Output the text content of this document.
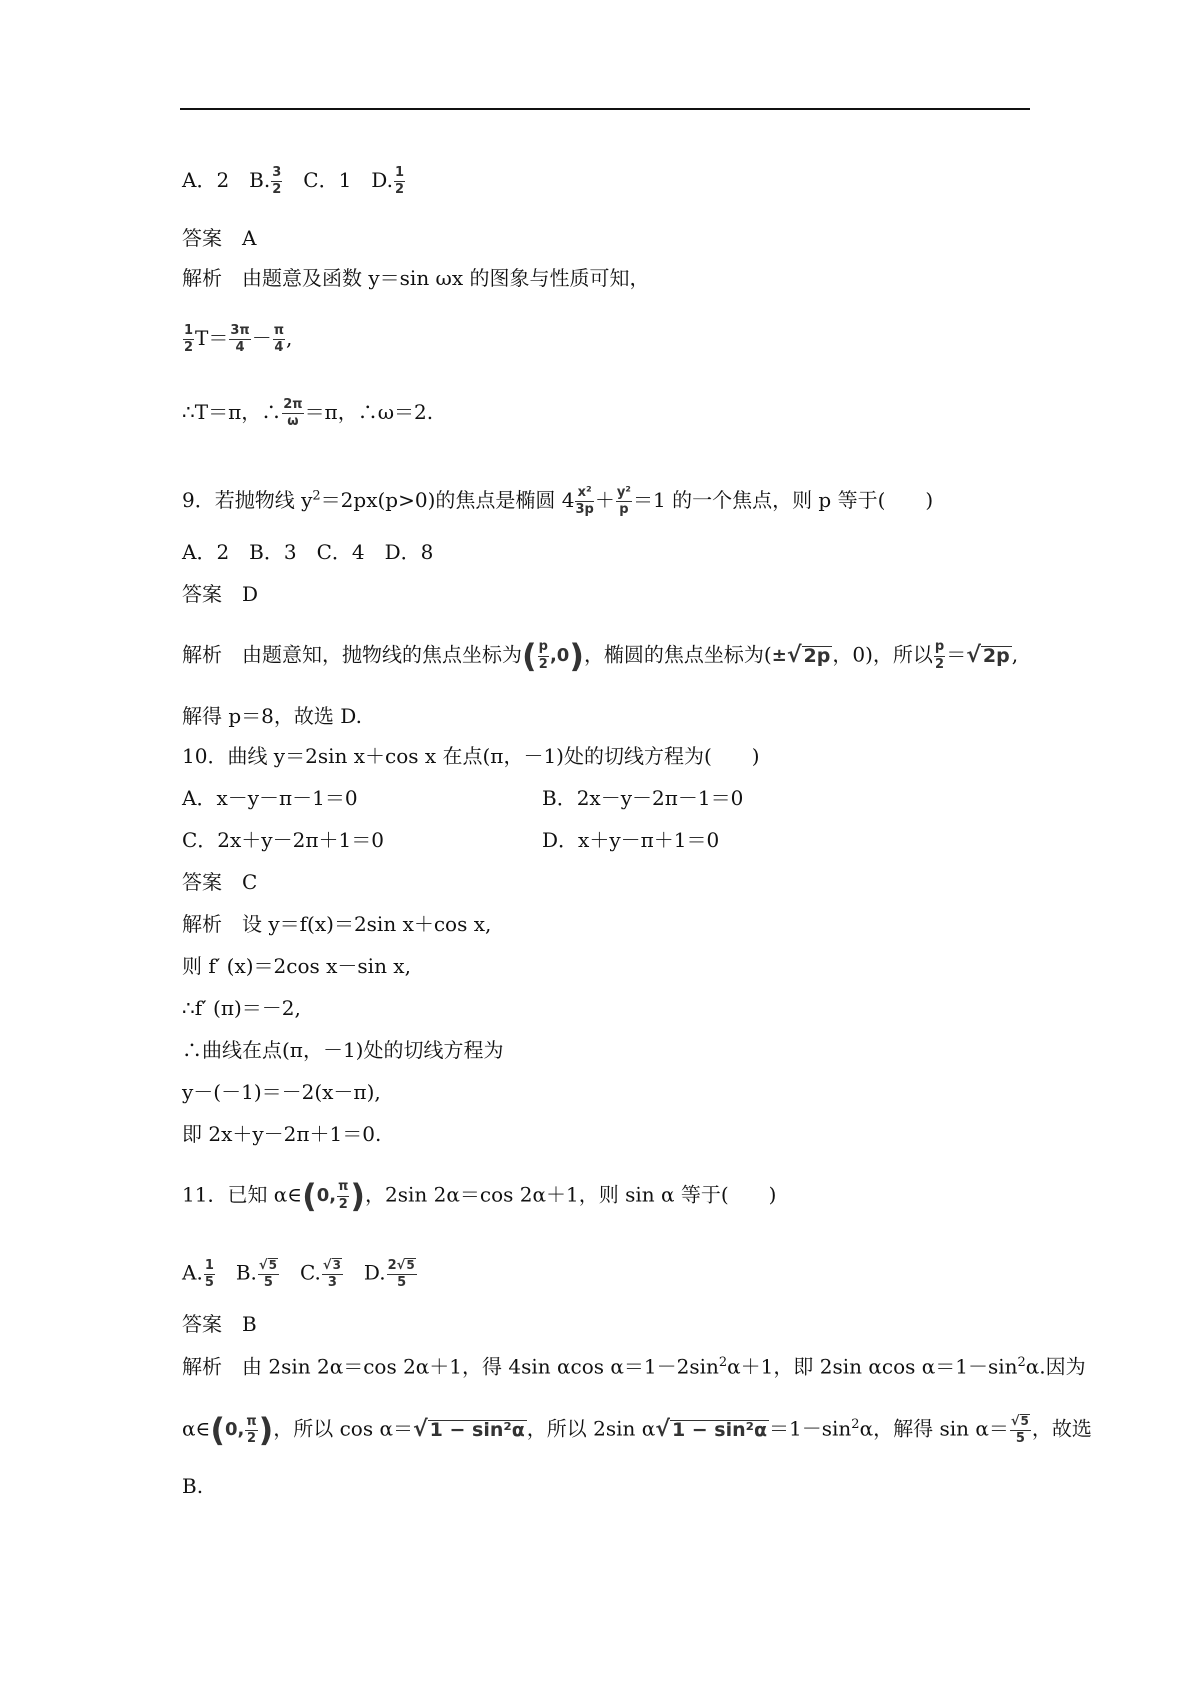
A．2　B. $\frac{3}{2}$ 　C．1　D. $\frac{1}{2}$
答案　A
解析　由题意及函数 y＝sin ωx 的图象与性质可知，
$\frac{1}{2} T= \frac{3\pi}{4} - \frac{\pi}{4}$ ,
∴T＝π，∴ $\frac{2\pi}{\omega} =\pi$，∴ω＝2.
9．若抛物线 $y^2=2px(p>0)$的焦点是椭圆 $4 \frac{\text{x²}}{3p} + \frac{\text{y²}}{p} =1$ 的一个焦点，则 p 等于(　　)
A．2　B．3　C．4　D．8
答案　D
解析　由题意知，抛物线的焦点坐标为( $\frac{p}{2} ,0$)，椭圆的焦点坐标为(±√ 2p ，0)，所以 $\frac{p}{2}$ ＝√ 2p ,
解得 p＝8，故选 D.
10．曲线 y＝2sin x＋cos x 在点(π，－1)处的切线方程为(　　)
A．x－y－π－1＝0	B．2x－y－2π－1＝0
C．2x＋y－2π＋1＝0	D．x＋y－π＋1＝0
答案　C
解析　设 y＝f(x)＝2sin x＋cos x,
则 f′ (x)＝2cos x－sin x,
∴f′ (π)＝－2,
∴曲线在点(π，－1)处的切线方程为
y－(－1)＝－2(x－π),
即 2x＋y－2π＋1＝0.
11．已知 α∈(0, $\frac{\pi}{2}$ )，2sin 2α＝cos 2α＋1，则 sin α 等于(　　)
A. $\frac{1}{5}$ 　B. $\frac{√5}{5}$ 　C. $\frac{√3}{3}$ 　D. $\frac{2√5}{5}$
答案　B
解析　由 2sin 2α＝cos 2α＋1，得 4sin αcos $\alpha=1-2\sin^2\alpha+1$，即 2sin αcos $\alpha=1-\sin^2\alpha$.因为
α∈(0, $\frac{\pi}{2}$ )，所以 cos α＝√ 1 − sin²α ，所以 2sin α√ $1 - \sin^2\alpha =1-\sin^2\alpha$，解得 $\sin \alpha= \frac{√5}{5}$ ，故选
B.
